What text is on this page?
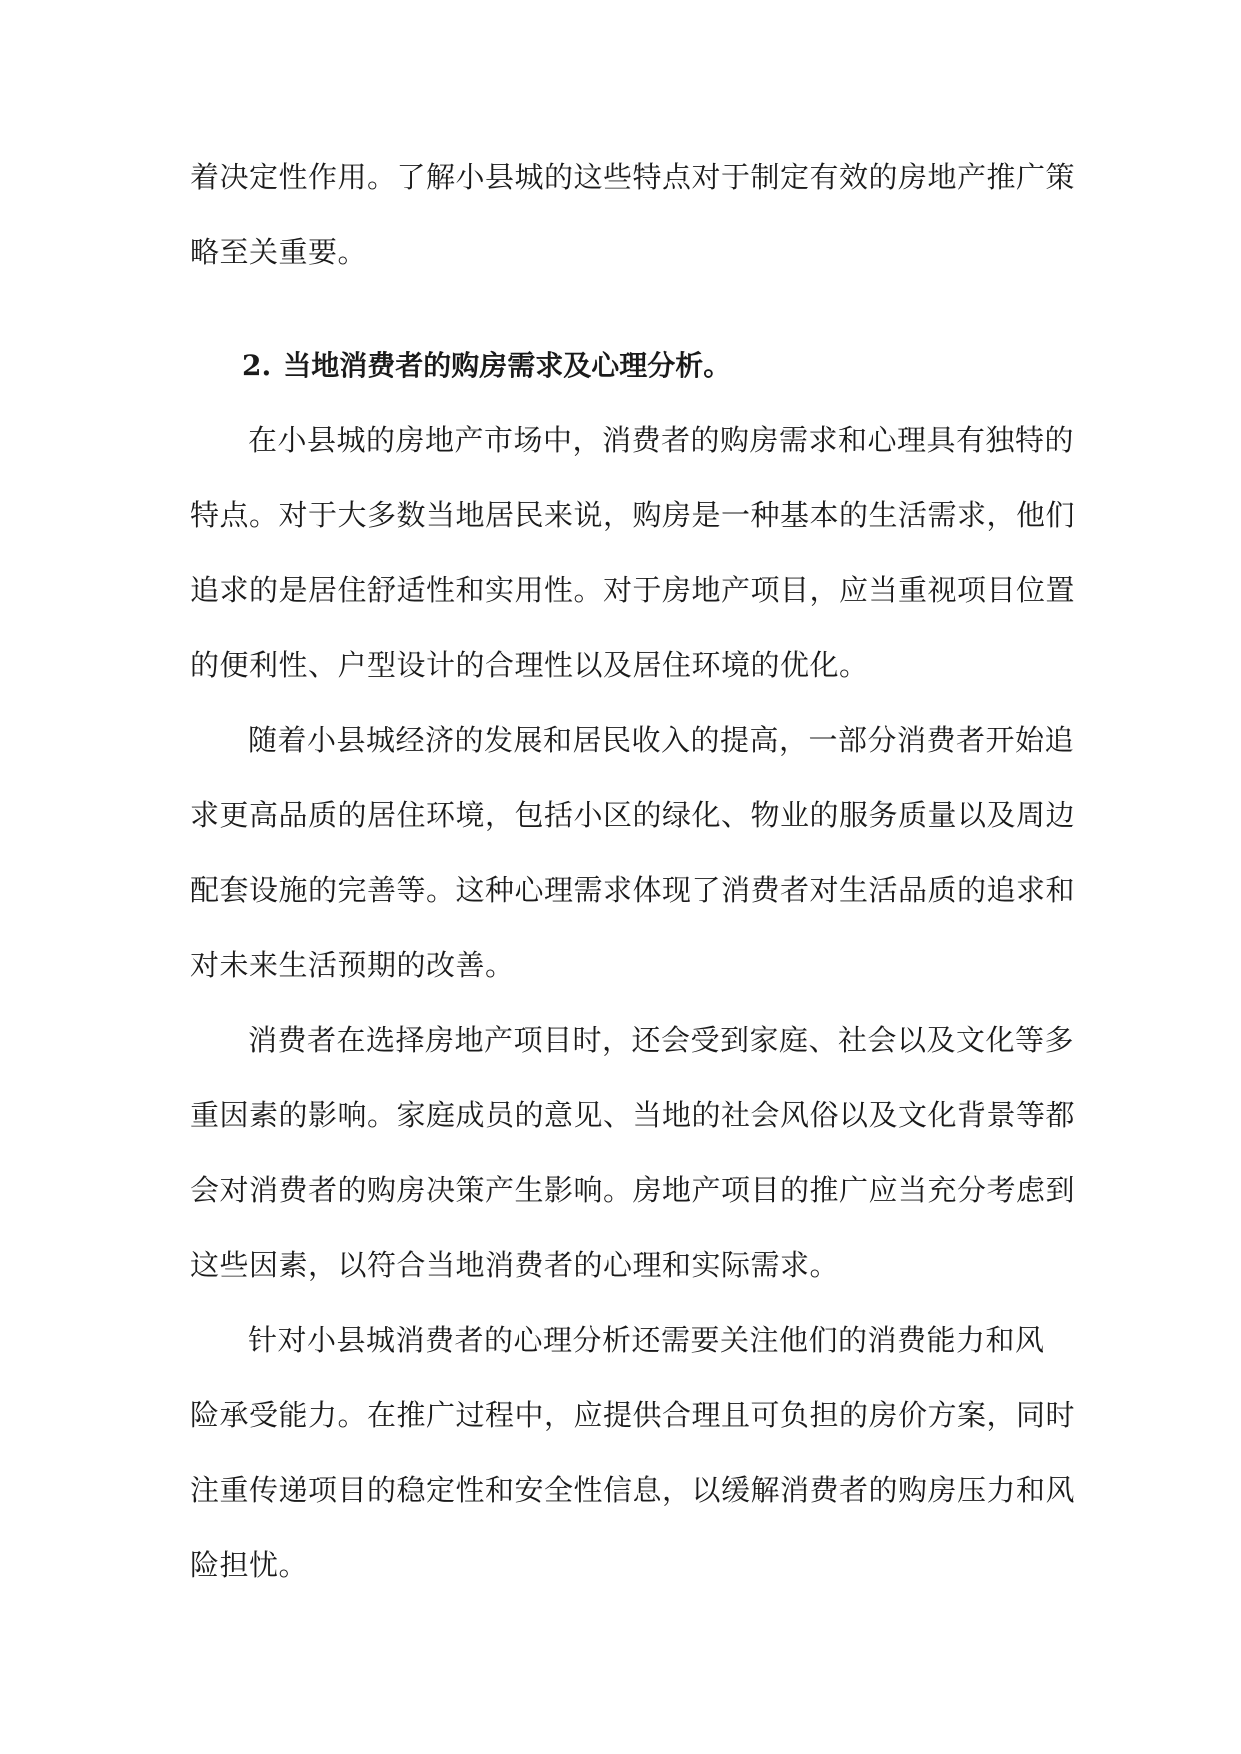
着决定性作用。了解小县城的这些特点对于制定有效的房地产推广策
略至关重要。
2. 当地消费者的购房需求及心理分析。
在小县城的房地产市场中，消费者的购房需求和心理具有独特的
特点。对于大多数当地居民来说，购房是一种基本的生活需求，他们
追求的是居住舒适性和实用性。对于房地产项目，应当重视项目位置
的便利性、户型设计的合理性以及居住环境的优化。
随着小县城经济的发展和居民收入的提高，一部分消费者开始追
求更高品质的居住环境，包括小区的绿化、物业的服务质量以及周边
配套设施的完善等。这种心理需求体现了消费者对生活品质的追求和
对未来生活预期的改善。
消费者在选择房地产项目时，还会受到家庭、社会以及文化等多
重因素的影响。家庭成员的意见、当地的社会风俗以及文化背景等都
会对消费者的购房决策产生影响。房地产项目的推广应当充分考虑到
这些因素，以符合当地消费者的心理和实际需求。
针对小县城消费者的心理分析还需要关注他们的消费能力和风
险承受能力。在推广过程中，应提供合理且可负担的房价方案，同时
注重传递项目的稳定性和安全性信息，以缓解消费者的购房压力和风
险担忧。
